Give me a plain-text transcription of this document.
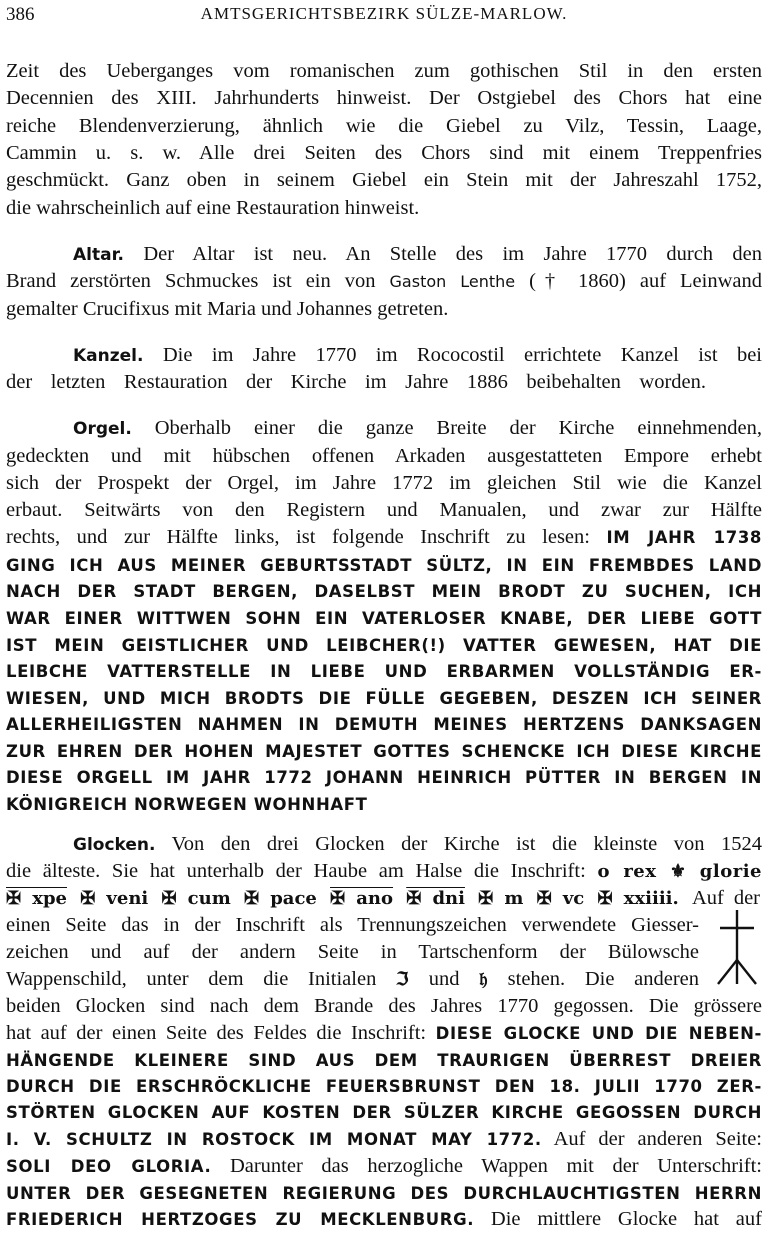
386	AMTSGERICHTSBEZIRK SÜLZE-MARLOW.
Zeit des Ueberganges vom romanischen zum gothischen Stil in den ersten
Decennien des XIII. Jahrhunderts hinweist. Der Ostgiebel des Chors hat eine
reiche Blendenverzierung, ähnlich wie die Giebel zu Vilz, Tessin, Laage,
Cammin u. s. w. Alle drei Seiten des Chors sind mit einem Treppenfries
geschmückt. Ganz oben in seinem Giebel ein Stein mit der Jahreszahl 1752,
die wahrscheinlich auf eine Restauration hinweist.
Altar. Der Altar ist neu. An Stelle des im Jahre 1770 durch den
Brand zerstörten Schmuckes ist ein von Gaston Lenthe († 1860) auf Leinwand
gemalter Crucifixus mit Maria und Johannes getreten.
Kanzel. Die im Jahre 1770 im Rococostil errichtete Kanzel ist bei
der letzten Restauration der Kirche im Jahre 1886 beibehalten worden.
Orgel. Oberhalb einer die ganze Breite der Kirche einnehmenden,
gedeckten und mit hübschen offenen Arkaden ausgestatteten Empore erhebt
sich der Prospekt der Orgel, im Jahre 1772 im gleichen Stil wie die Kanzel
erbaut. Seitwärts von den Registern und Manualen, und zwar zur Hälfte
rechts, und zur Hälfte links, ist folgende Inschrift zu lesen: IM JAHR 1738
GING ICH AUS MEINER GEBURTSSTADT SÜLTZ, IN EIN FREMBDES LAND
NACH DER STADT BERGEN, DASELBST MEIN BRODT ZU SUCHEN, ICH
WAR EINER WITTWEN SOHN EIN VATERLOSER KNABE, DER LIEBE GOTT
IST MEIN GEISTLICHER UND LEIBCHER(!) VATTER GEWESEN, HAT DIE
LEIBCHE VATTERSTELLE IN LIEBE UND ERBARMEN VOLLSTÄNDIG ER-
WIESEN, UND MICH BRODTS DIE FÜLLE GEGEBEN, DESZEN ICH SEINER
ALLERHEILIGSTEN NAHMEN IN DEMUTH MEINES HERTZENS DANKSAGEN
ZUR EHREN DER HOHEN MAJESTET GOTTES SCHENCKE ICH DIESE KIRCHE
DIESE ORGELL IM JAHR 1772 JOHANN HEINRICH PÜTTER IN BERGEN IN
KÖNIGREICH NORWEGEN WOHNHAFT
Glocken. Von den drei Glocken der Kirche ist die kleinste von 1524
die älteste. Sie hat unterhalb der Haube am Halse die Inschrift: o rex ⚜ glorie
✠ xpe ✠ veni ✠ cum ✠ pace ✠ ano ✠ dni ✠ m ✠ vc ✠ xxiiii. Auf der
einen Seite das in der Inschrift als Trennungszeichen verwendete Giesser-
zeichen und auf der andern Seite in Tartschenform der Bülowsche
Wappenschild, unter dem die Initialen ℑ und 𝔥 stehen. Die anderen
beiden Glocken sind nach dem Brande des Jahres 1770 gegossen. Die grössere
hat auf der einen Seite des Feldes die Inschrift: DIESE GLOCKE UND DIE NEBEN-
HÄNGENDE KLEINERE SIND AUS DEM TRAURIGEN ÜBERREST DREIER
DURCH DIE ERSCHRÖCKLICHE FEUERSBRUNST DEN 18. JULII 1770 ZER-
STÖRTEN GLOCKEN AUF KOSTEN DER SÜLZER KIRCHE GEGOSSEN DURCH
I. V. SCHULTZ IN ROSTOCK IM MONAT MAY 1772. Auf der anderen Seite:
SOLI DEO GLORIA. Darunter das herzogliche Wappen mit der Unterschrift:
UNTER DER GESEGNETEN REGIERUNG DES DURCHLAUCHTIGSTEN HERRN
FRIEDERICH HERTZOGES ZU MECKLENBURG. Die mittlere Glocke hat auf
